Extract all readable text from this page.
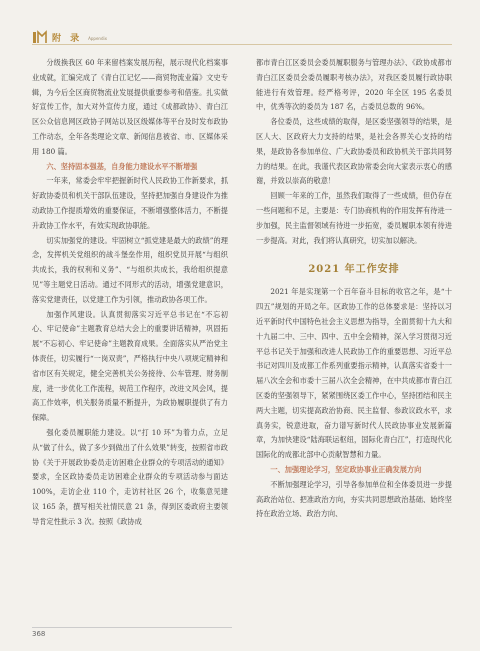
附 录 Appendix

分级换我区 60 年来留档案发展历程，展示现代化档案事业成就，汇编完成了《青白江记忆——商贸物流业篇》文史专辑，为今后全区商贸物流业发展提供重要参考和借鉴。扎实做好宣传工作，加大对外宣传力度，通过《成都政协》、青白江区公众信息网区政协子网站以及区级媒体等平台及时发布政协工作动态，全年各类理论文章、新闻信息被省、市、区媒体采用 180 篇。

六、坚持固本强基，自身能力建设水平不断增强

一年来，常委会牢牢把握新时代人民政协工作新要求，抓好政协委员和机关干部队伍建设，坚持把加强自身建设作为推动政协工作提质增效的重要保证，不断增强整体活力，不断提升政协工作水平，有效实现政协职能。

切实加强党的建设。牢固树立“抓党建是最大的政绩”的理念，发挥机关党组织的战斗堡垒作用，组织党员开展“与组织共成长，我的权利和义务”、“与组织共成长，我给组织提意见”等主题党日活动。通过不同形式的活动，增强党建意识，落实党建责任，以党建工作为引领，推动政协各项工作。

加强作风建设。认真贯彻落实习近平总书记在“不忘初心、牢记使命”主题教育总结大会上的重要讲话精神，巩固拓展“不忘初心、牢记使命”主题教育成果。全面落实从严治党主体责任，切实履行“一岗双责”，严格执行中央八项规定精神和省市区有关规定，健全完善机关公务接待、公车管理、财务制度，进一步优化工作流程，规范工作程序，改进文风会风，提高工作效率，机关服务质量不断提升，为政协履职提供了有力保障。

强化委员履职能力建设。以“打 10 环”为着力点，立足从“做了什么，做了多少到做出了什么效果”转变，按照省市政协《关于开展政协委员走访困难企业群众的专项活动的通知》要求，全区政协委员走访困难企业群众的专项活动参与面达 100%，走访企业 110 个，走访村社区 26 个，收集意见建议 165 条，撰写相关社情民意 21 条，得到区委政府主要领导肯定性批示 3 次。按照《政协成

都市青白江区委员会委员履职服务与管理办法》、《政协成都市青白江区委员会委员履职考核办法》，对我区委员履行政协职能进行有效管理。经严格考评，2020 年全区 195 名委员中，优秀等次的委员为 187 名，占委员总数的 96%。

各位委员，这些成绩的取得，是区委坚强领导的结果，是区人大、区政府大力支持的结果，是社会各界关心支持的结果，是政协各参加单位、广大政协委员和政协机关干部共同努力的结果。在此，我谨代表区政协常委会向大家表示衷心的感谢，并致以崇高的敬意！

回顾一年来的工作，虽然我们取得了一些成绩，但仍存在一些问题和不足，主要是：专门协商机构的作用发挥有待进一步加强，民主监督领域有待进一步拓宽，委员履职本领有待进一步提高。对此，我们将认真研究，切实加以解决。

2021 年工作安排

2021 年是实现第一个百年奋斗目标的收官之年，是“十四五”规划的开局之年。区政协工作的总体要求是：坚持以习近平新时代中国特色社会主义思想为指导，全面贯彻十九大和十九届二中、三中、四中、五中全会精神，深入学习贯彻习近平总书记关于加强和改进人民政协工作的重要思想、习近平总书记对四川及成都工作系列重要指示精神，认真落实省委十一届八次全会和市委十三届八次全会精神，在中共成都市青白江区委的坚强领导下，紧紧围绕区委工作中心，坚持团结和民主两大主题，切实提高政治协商、民主监督、参政议政水平，求真务实，锐意进取，奋力谱写新时代人民政协事业发展新篇章，为加快建设“陆海联运枢纽，国际化青白江”，打造现代化国际化的成都北部中心贡献智慧和力量。

一、加强理论学习，坚定政协事业正确发展方向

不断加强理论学习，引导各参加单位和全体委员进一步提高政治站位、把准政治方向，夯实共同思想政治基础、始终坚持在政治立场、政治方向、

368
